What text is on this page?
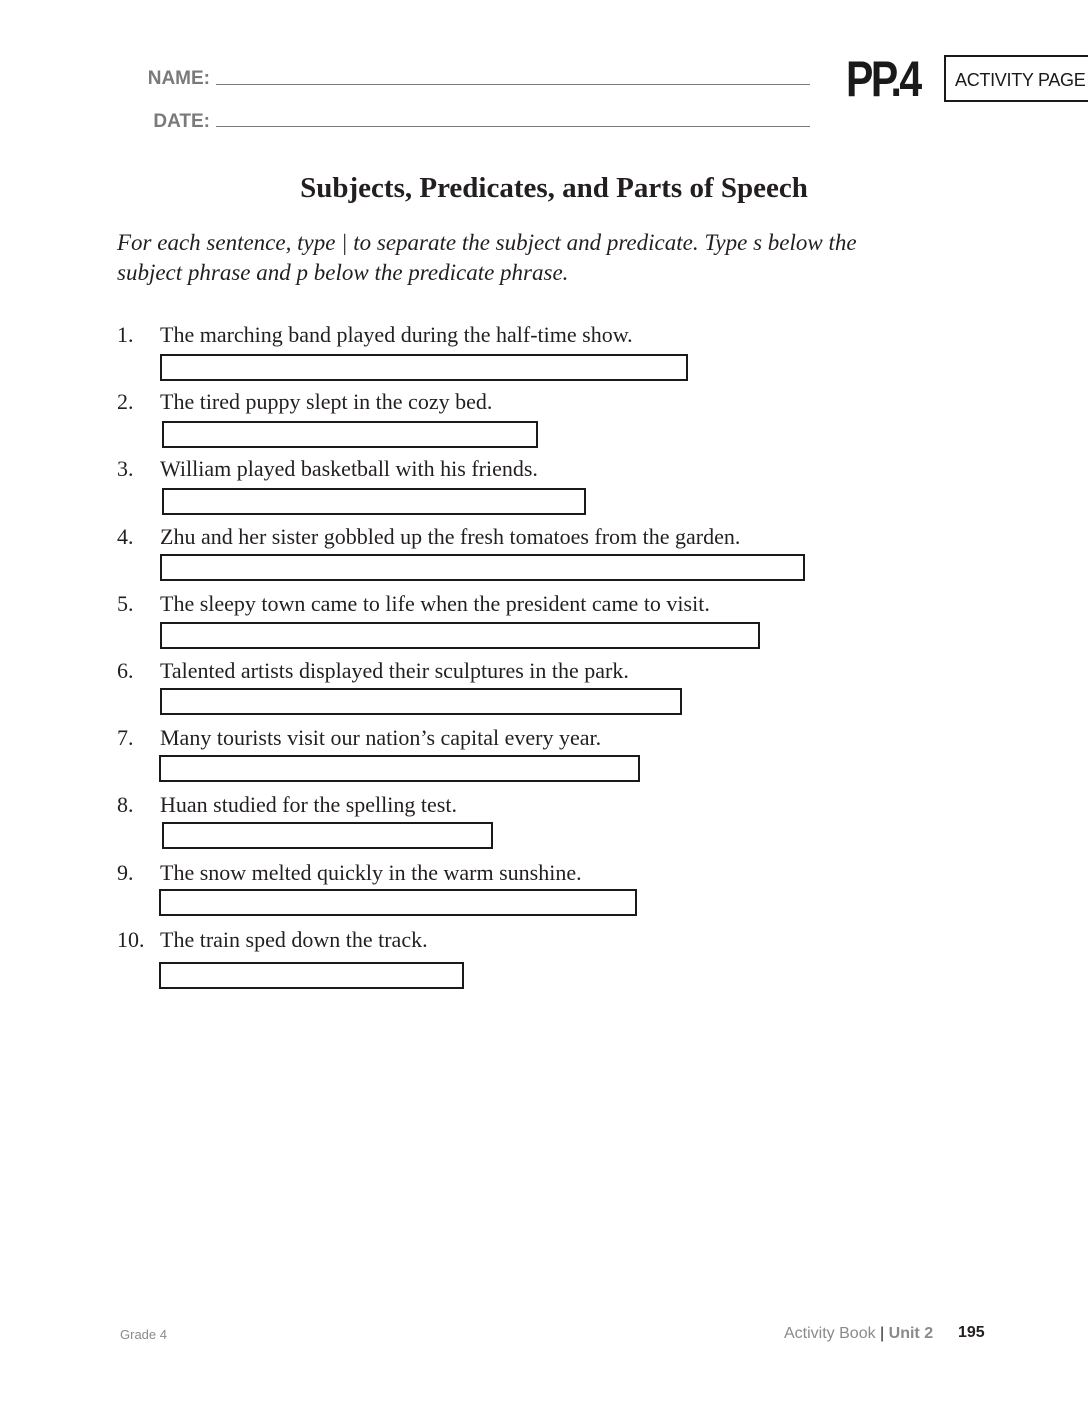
NAME:
DATE:
PP.4	ACTIVITY PAGE
Subjects, Predicates, and Parts of Speech
For each sentence, type | to separate the subject and predicate. Type s below the subject phrase and p below the predicate phrase.
1.	The marching band played during the half-time show.
2.	The tired puppy slept in the cozy bed.
3.	William played basketball with his friends.
4.	Zhu and her sister gobbled up the fresh tomatoes from the garden.
5.	The sleepy town came to life when the president came to visit.
6.	Talented artists displayed their sculptures in the park.
7.	Many tourists visit our nation’s capital every year.
8.	Huan studied for the spelling test.
9.	The snow melted quickly in the warm sunshine.
10. The train sped down the track.
Grade 4	Activity Book | Unit 2 195
